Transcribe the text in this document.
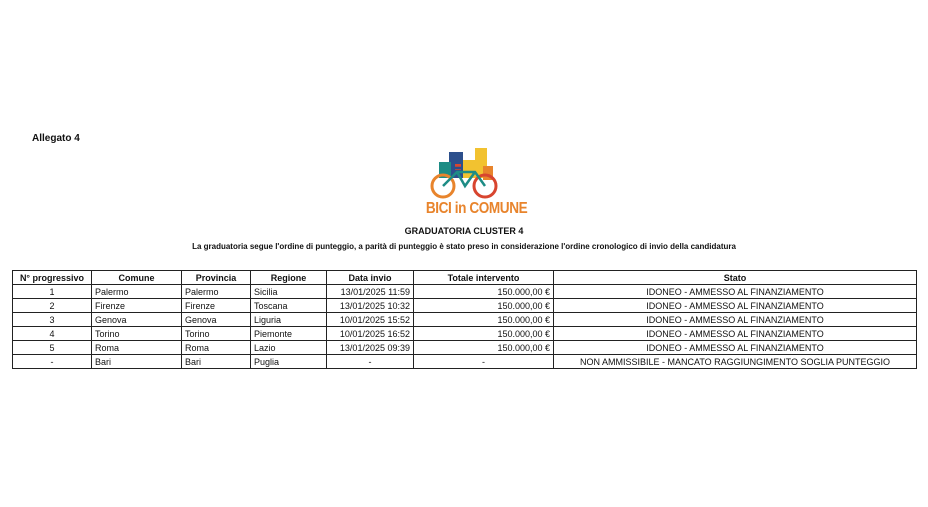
Allegato 4
BICI in COMUNE
GRADUATORIA CLUSTER 4
La graduatoria segue l'ordine di punteggio, a parità di punteggio è stato preso in considerazione l'ordine cronologico di invio della candidatura
N° progressivo	Comune	Provincia	Regione	Data invio	Totale intervento	Stato
1	Palermo	Palermo	Sicilia	13/01/2025 11:59	150.000,00 €	IDONEO - AMMESSO AL FINANZIAMENTO
2	Firenze	Firenze	Toscana	13/01/2025 10:32	150.000,00 €	IDONEO - AMMESSO AL FINANZIAMENTO
3	Genova	Genova	Liguria	10/01/2025 15:52	150.000,00 €	IDONEO - AMMESSO AL FINANZIAMENTO
4	Torino	Torino	Piemonte	10/01/2025 16:52	150.000,00 €	IDONEO - AMMESSO AL FINANZIAMENTO
5	Roma	Roma	Lazio	13/01/2025 09:39	150.000,00 €	IDONEO - AMMESSO AL FINANZIAMENTO
-	Bari	Bari	Puglia	-	-	NON AMMISSIBILE - MANCATO RAGGIUNGIMENTO SOGLIA PUNTEGGIO
